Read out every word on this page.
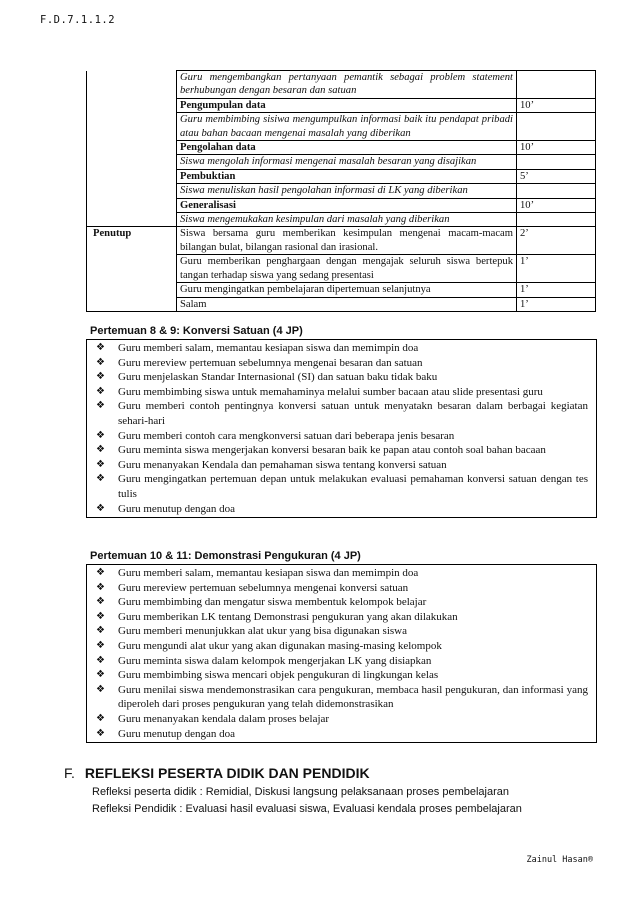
F.D.7.1.1.2
	Guru mengembangkan pertanyaan pemantik sebagai problem statement berhubungan dengan besaran dan satuan	
	Pengumpulan data	10’
	Guru membimbing sisiwa mengumpulkan informasi baik itu pendapat pribadi atau bahan bacaan mengenai masalah yang diberikan	
	Pengolahan data	10’
	Siswa mengolah informasi mengenai masalah besaran yang disajikan	
	Pembuktian	5’
	Siswa menuliskan hasil pengolahan informasi di LK yang diberikan	
	Generalisasi	10’
	Siswa mengemukakan kesimpulan dari masalah yang diberikan	
Penutup	Siswa bersama guru memberikan kesimpulan mengenai macam-macam bilangan bulat, bilangan rasional dan irasional.	2’
	Guru memberikan penghargaan dengan mengajak seluruh siswa bertepuk tangan terhadap siswa yang sedang presentasi	1’
	Guru mengingatkan pembelajaran dipertemuan selanjutnya	1’
	Salam	1’
Pertemuan 8 & 9: Konversi Satuan (4 JP)
❖ Guru memberi salam, memantau kesiapan siswa dan memimpin doa
❖ Guru mereview pertemuan sebelumnya mengenai besaran dan satuan
❖ Guru menjelaskan Standar Internasional (SI) dan satuan baku tidak baku
❖ Guru membimbing siswa untuk memahaminya melalui sumber bacaan atau slide presentasi guru
❖ Guru memberi contoh pentingnya konversi satuan untuk menyatakn besaran dalam berbagai kegiatan sehari-hari
❖ Guru memberi contoh cara mengkonversi satuan dari beberapa jenis besaran
❖ Guru meminta siswa mengerjakan konversi besaran baik ke papan atau contoh soal bahan bacaan
❖ Guru menanyakan Kendala dan pemahaman siswa tentang konversi satuan
❖ Guru mengingatkan pertemuan depan untuk melakukan evaluasi pemahaman konversi satuan dengan tes tulis
❖ Guru menutup dengan doa
Pertemuan 10 & 11: Demonstrasi Pengukuran (4 JP)
❖ Guru memberi salam, memantau kesiapan siswa dan memimpin doa
❖ Guru mereview pertemuan sebelumnya mengenai konversi satuan
❖ Guru membimbing dan mengatur siswa membentuk kelompok belajar
❖ Guru memberikan LK tentang Demonstrasi pengukuran yang akan dilakukan
❖ Guru memberi menunjukkan alat ukur yang bisa digunakan siswa
❖ Guru mengundi alat ukur yang akan digunakan masing-masing kelompok
❖ Guru meminta siswa dalam kelompok mengerjakan LK yang disiapkan
❖ Guru membimbing siswa mencari objek pengukuran di lingkungan kelas
❖ Guru menilai siswa mendemonstrasikan cara pengukuran, membaca hasil pengukuran, dan informasi yang diperoleh dari proses pengukuran yang telah didemonstrasikan
❖ Guru menanyakan kendala dalam proses belajar
❖ Guru menutup dengan doa
F. REFLEKSI PESERTA DIDIK DAN PENDIDIK
Refleksi peserta didik : Remidial, Diskusi langsung pelaksanaan proses pembelajaran
Refleksi Pendidik : Evaluasi hasil evaluasi siswa, Evaluasi kendala proses pembelajaran
Zainul Hasan®
